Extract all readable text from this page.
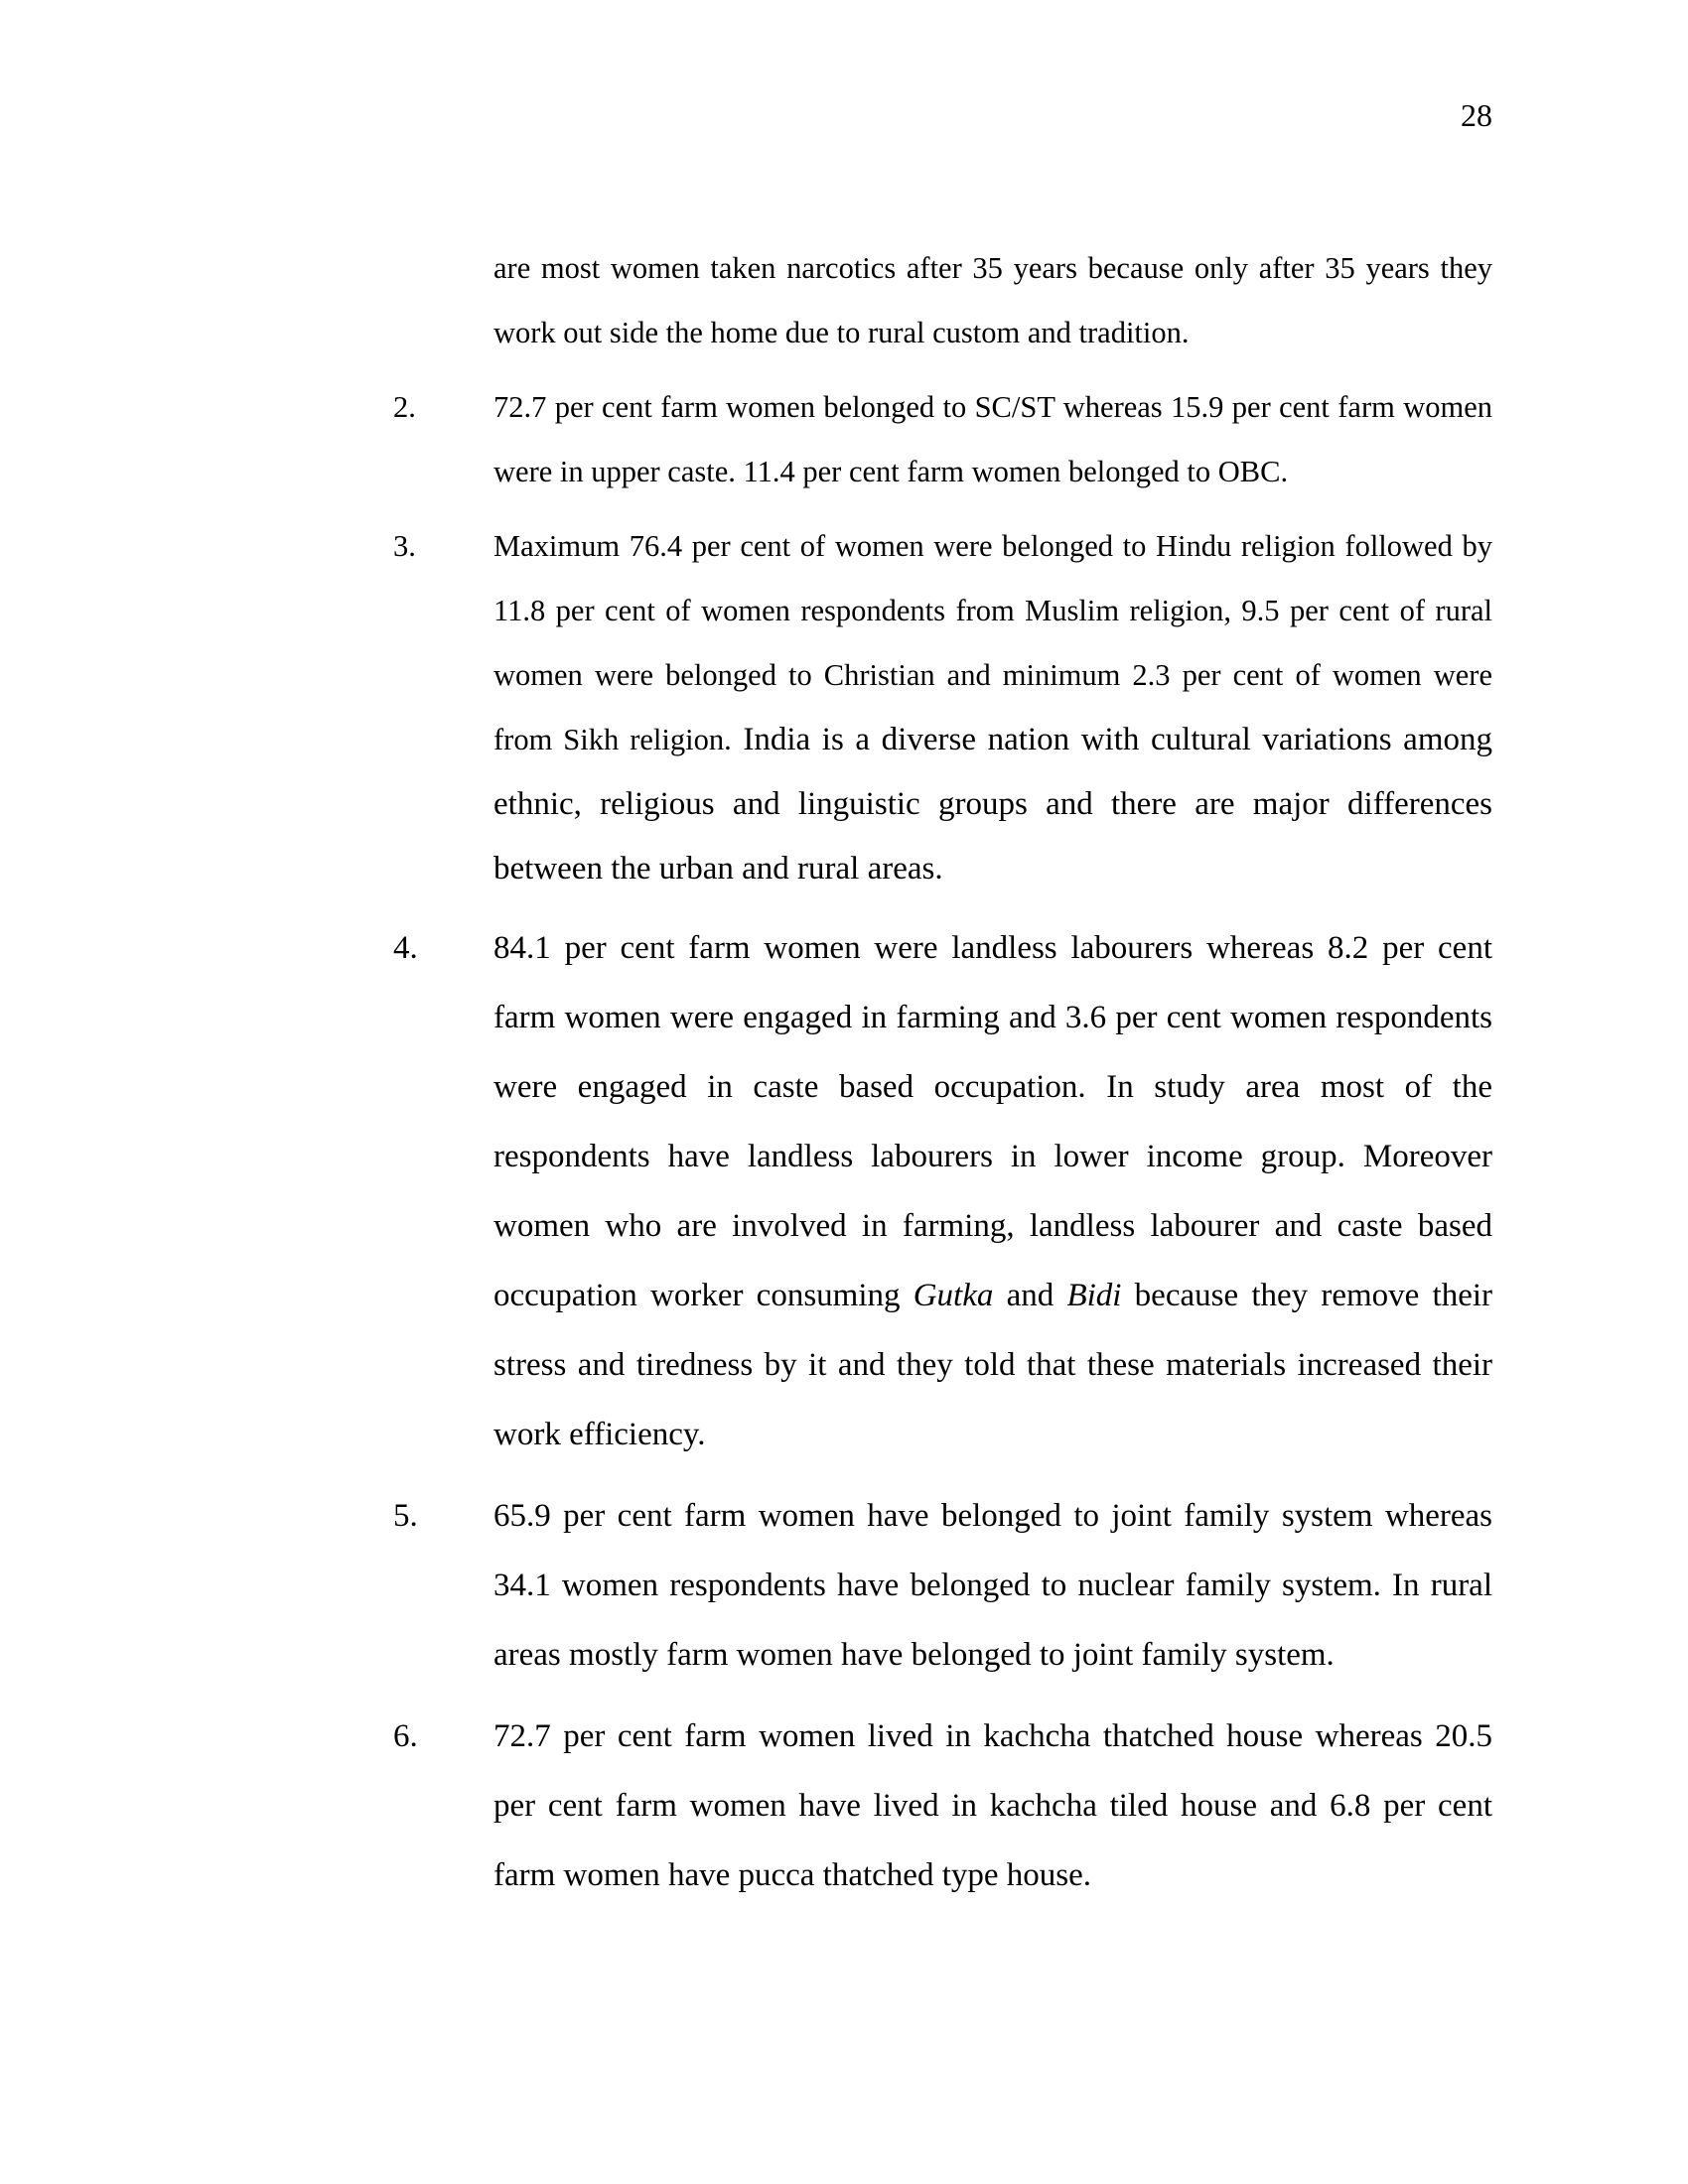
28
are most women taken narcotics after 35 years because only after 35 years they work out side the home due to rural custom and tradition.
2.	72.7 per cent farm women belonged to SC/ST whereas 15.9 per cent farm women were in upper caste. 11.4 per cent farm women belonged to OBC.
3.	Maximum 76.4 per cent of women were belonged to Hindu religion followed by 11.8 per cent of women respondents from Muslim religion, 9.5 per cent of rural women were belonged to Christian and minimum 2.3 per cent of women were from Sikh religion. India is a diverse nation with cultural variations among ethnic, religious and linguistic groups and there are major differences between the urban and rural areas.
4. 84.1 per cent farm women were landless labourers whereas 8.2 per cent farm women were engaged in farming and 3.6 per cent women respondents were engaged in caste based occupation. In study area most of the respondents have landless labourers in lower income group. Moreover women who are involved in farming, landless labourer and caste based occupation worker consuming Gutka and Bidi because they remove their stress and tiredness by it and they told that these materials increased their work efficiency.
5. 65.9 per cent farm women have belonged to joint family system whereas 34.1 women respondents have belonged to nuclear family system. In rural areas mostly farm women have belonged to joint family system.
6. 72.7 per cent farm women lived in kachcha thatched house whereas 20.5 per cent farm women have lived in kachcha tiled house and 6.8 per cent farm women have pucca thatched type house.
